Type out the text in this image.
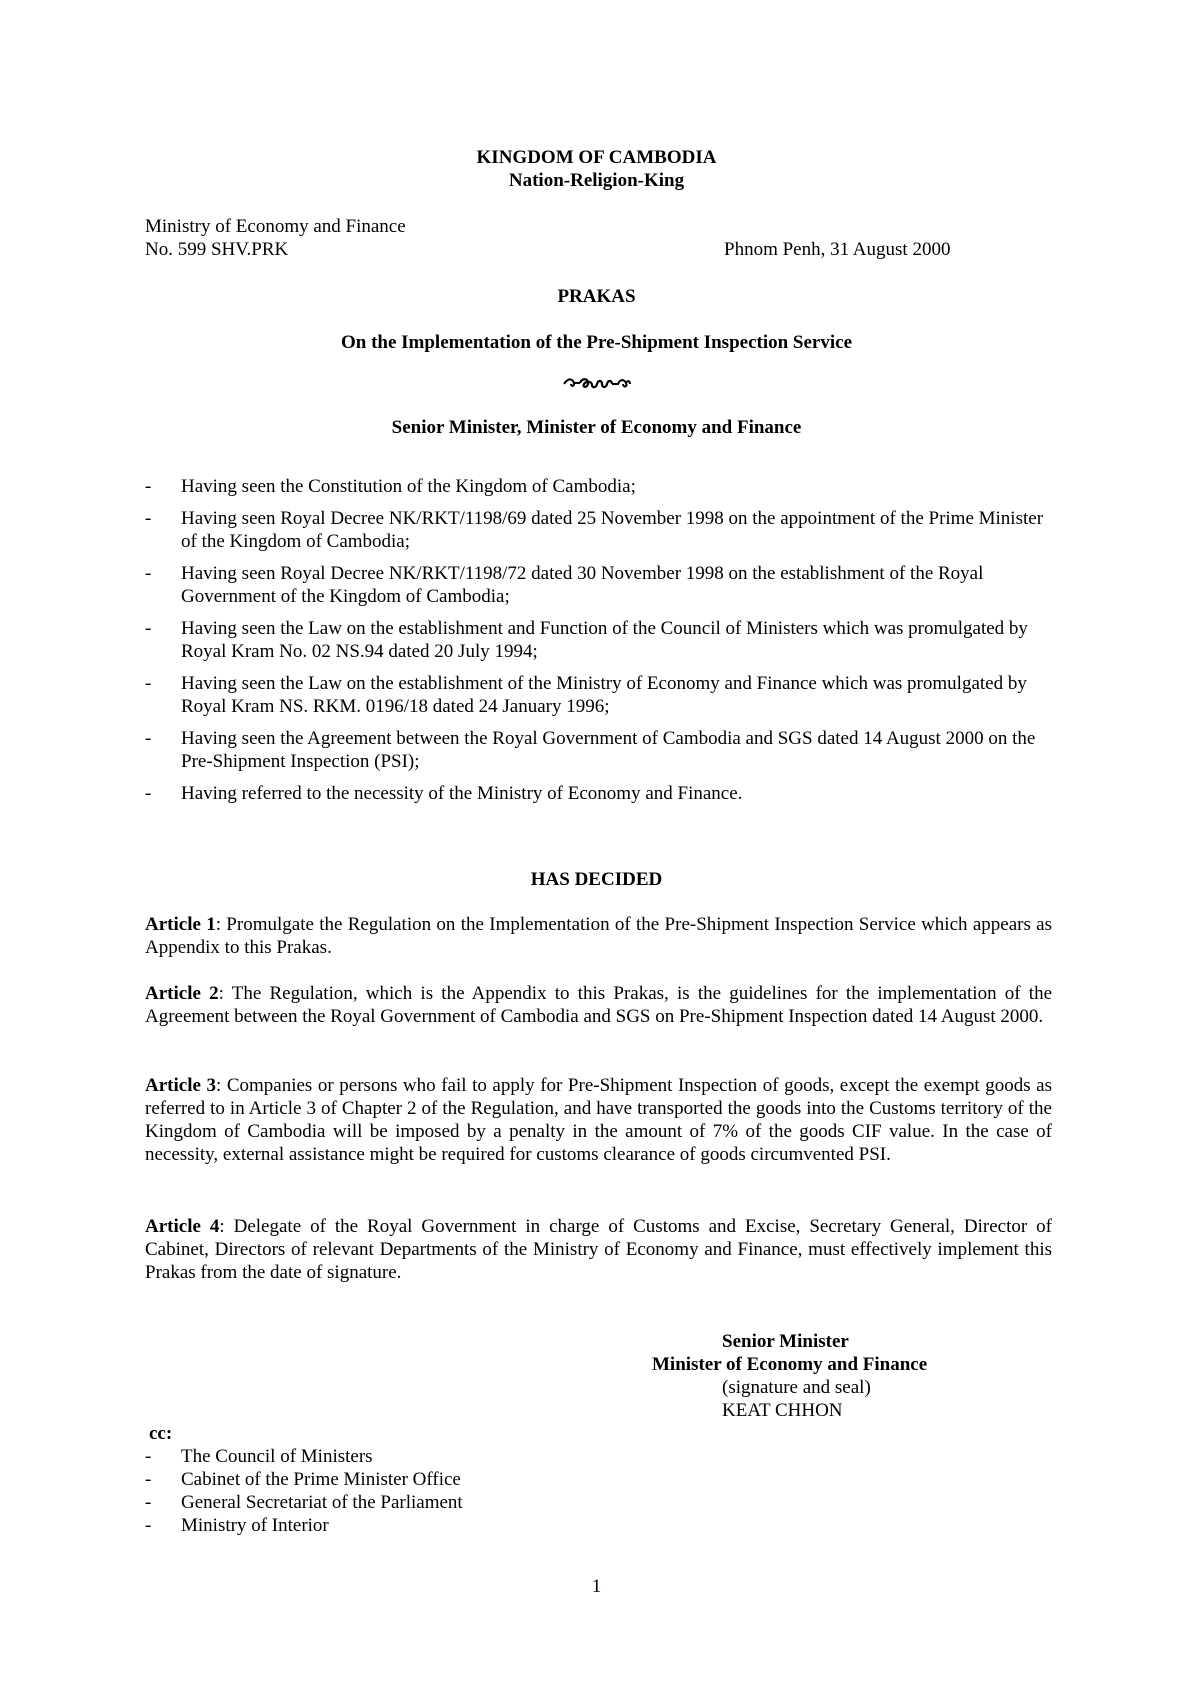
KINGDOM OF CAMBODIA
Nation-Religion-King
Ministry of Economy and Finance
No. 599 SHV.PRK	Phnom Penh, 31 August 2000
PRAKAS
On the Implementation of the Pre-Shipment Inspection Service
Senior Minister, Minister of Economy and Finance
- Having seen the Constitution of the Kingdom of Cambodia;
- Having seen Royal Decree NK/RKT/1198/69 dated 25 November 1998 on the appointment of the Prime Minister of the Kingdom of Cambodia;
- Having seen Royal Decree NK/RKT/1198/72 dated 30 November 1998 on the establishment of the Royal Government of the Kingdom of Cambodia;
- Having seen the Law on the establishment and Function of the Council of Ministers which was promulgated by Royal Kram No. 02 NS.94 dated 20 July 1994;
- Having seen the Law on the establishment of the Ministry of Economy and Finance which was promulgated by Royal Kram NS. RKM. 0196/18 dated 24 January 1996;
- Having seen the Agreement between the Royal Government of Cambodia and SGS dated 14 August 2000 on the Pre-Shipment Inspection (PSI);
- Having referred to the necessity of the Ministry of Economy and Finance.
HAS DECIDED
Article 1: Promulgate the Regulation on the Implementation of the Pre-Shipment Inspection Service which appears as Appendix to this Prakas.
Article 2: The Regulation, which is the Appendix to this Prakas, is the guidelines for the implementation of the Agreement between the Royal Government of Cambodia and SGS on Pre-Shipment Inspection dated 14 August 2000.
Article 3: Companies or persons who fail to apply for Pre-Shipment Inspection of goods, except the exempt goods as referred to in Article 3 of Chapter 2 of the Regulation, and have transported the goods into the Customs territory of the Kingdom of Cambodia will be imposed by a penalty in the amount of 7% of the goods CIF value. In the case of necessity, external assistance might be required for customs clearance of goods circumvented PSI.
Article 4: Delegate of the Royal Government in charge of Customs and Excise, Secretary General, Director of Cabinet, Directors of relevant Departments of the Ministry of Economy and Finance, must effectively implement this Prakas from the date of signature.
Senior Minister
Minister of Economy and Finance
(signature and seal)
KEAT CHHON
cc:
- The Council of Ministers
- Cabinet of the Prime Minister Office
- General Secretariat of the Parliament
- Ministry of Interior
1
